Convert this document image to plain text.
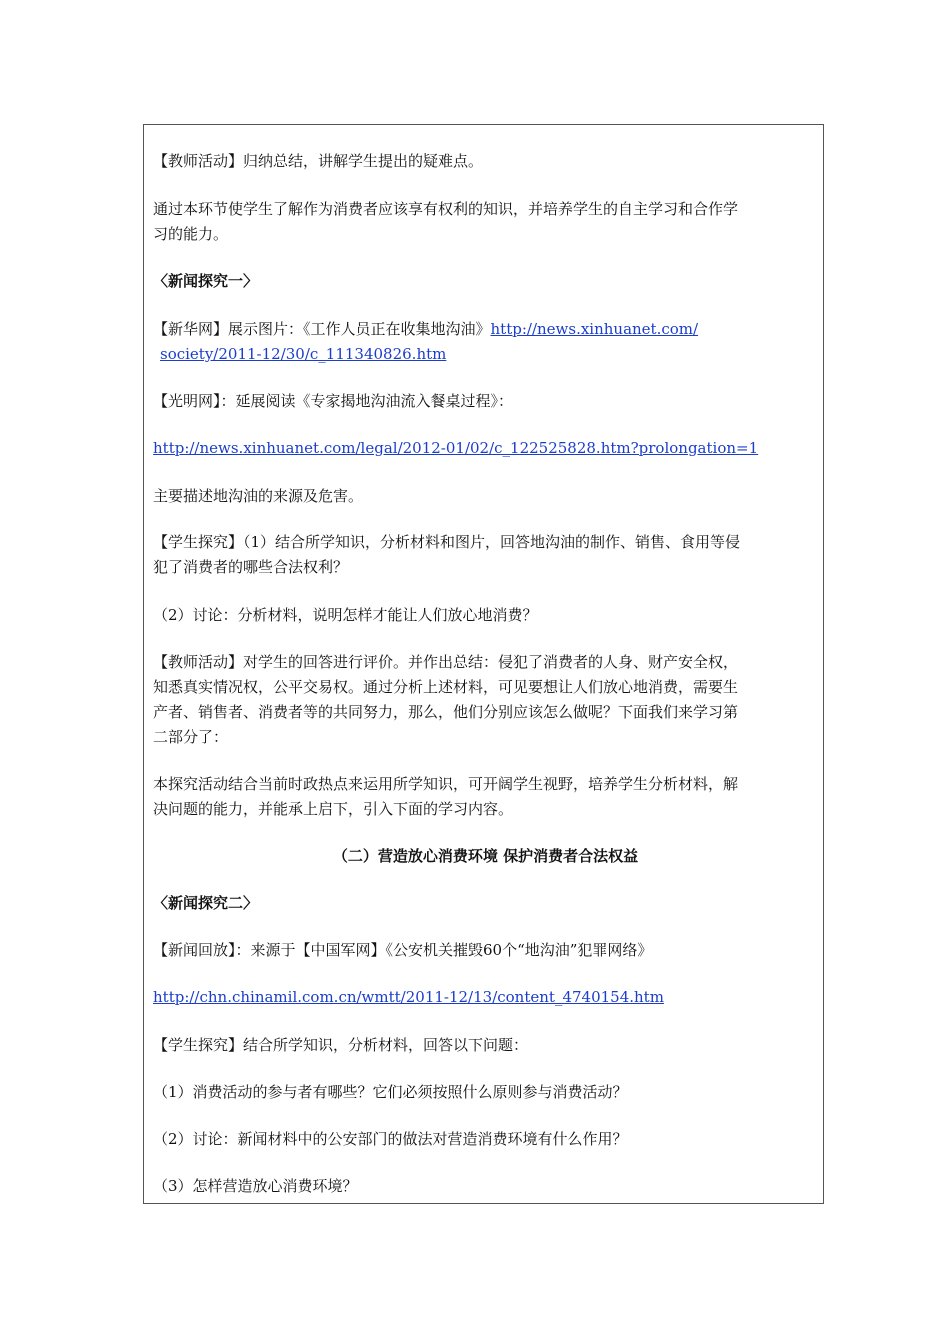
【教师活动】归纳总结，讲解学生提出的疑难点。
通过本环节使学生了解作为消费者应该享有权利的知识，并培养学生的自主学习和合作学
习的能力。
〈新闻探究一〉
【新华网】展示图片：《工作人员正在收集地沟油》http://news.xinhuanet.com/
society/2011-12/30/c_111340826.htm
【光明网】：延展阅读《专家揭地沟油流入餐桌过程》：
http://news.xinhuanet.com/legal/2012-01/02/c_122525828.htm?prolongation=1
主要描述地沟油的来源及危害。
【学生探究】（1）结合所学知识，分析材料和图片，回答地沟油的制作、销售、食用等侵
犯了消费者的哪些合法权利？
（2）讨论：分析材料，说明怎样才能让人们放心地消费？
【教师活动】对学生的回答进行评价。并作出总结：侵犯了消费者的人身、财产安全权，
知悉真实情况权，公平交易权。通过分析上述材料，可见要想让人们放心地消费，需要生
产者、销售者、消费者等的共同努力，那么，他们分别应该怎么做呢？下面我们来学习第
二部分了：
本探究活动结合当前时政热点来运用所学知识，可开阔学生视野，培养学生分析材料，解
决问题的能力，并能承上启下，引入下面的学习内容。
（二）营造放心消费环境 保护消费者合法权益
〈新闻探究二〉
【新闻回放】：来源于【中国军网】《公安机关摧毁60个“地沟油”犯罪网络》
http://chn.chinamil.com.cn/wmtt/2011-12/13/content_4740154.htm
【学生探究】结合所学知识，分析材料，回答以下问题：
（1）消费活动的参与者有哪些？它们必须按照什么原则参与消费活动？
（2）讨论：新闻材料中的公安部门的做法对营造消费环境有什么作用？
（3）怎样营造放心消费环境？
